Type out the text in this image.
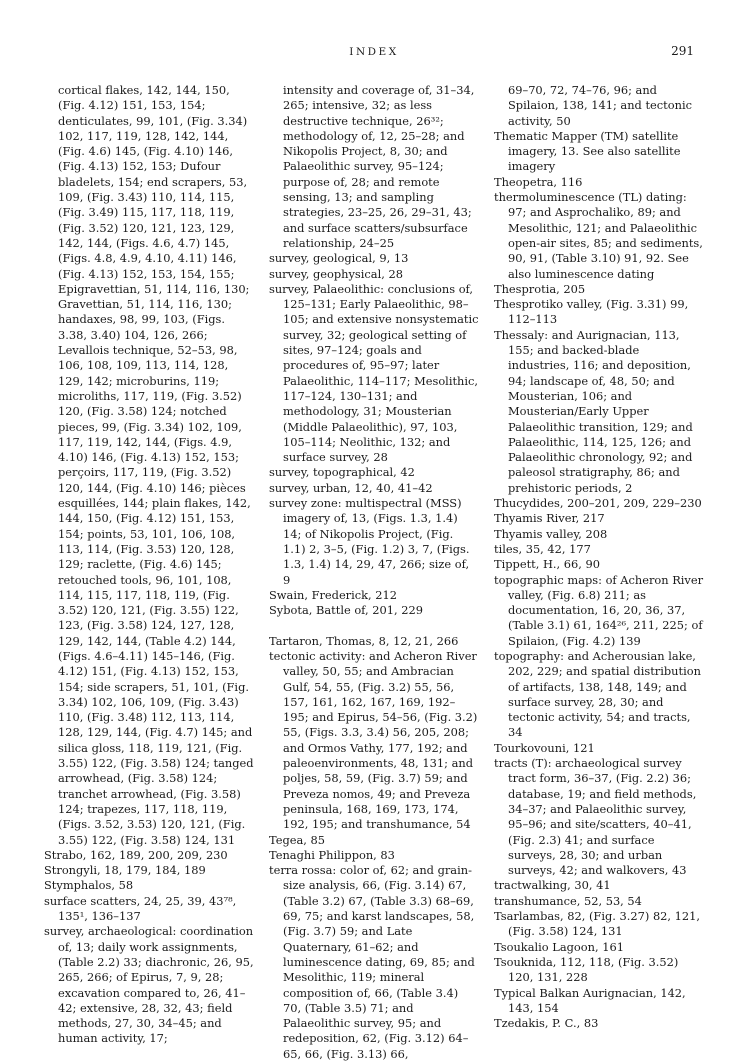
INDEX	291
cortical flakes, 142, 144, 150, (Fig. 4.12) 151, 153, 154; denticulates, 99, 101, (Fig. 3.34) 102, 117, 119, 128, 142, 144, (Fig. 4.6) 145, (Fig. 4.10) 146, (Fig. 4.13) 152, 153; Dufour bladelets, 154; end scrapers, 53, 109, (Fig. 3.43) 110, 114, 115, (Fig. 3.49) 115, 117, 118, 119, (Fig. 3.52) 120, 121, 123, 129, 142, 144, (Figs. 4.6, 4.7) 145, (Figs. 4.8, 4.9, 4.10, 4.11) 146, (Fig. 4.13) 152, 153, 154, 155; Epigravettian, 51, 114, 116, 130; Gravettian, 51, 114, 116, 130; handaxes, 98, 99, 103, (Figs. 3.38, 3.40) 104, 126, 266; Levallois technique, 52–53, 98, 106, 108, 109, 113, 114, 128, 129, 142; microburins, 119; microliths, 117, 119, (Fig. 3.52) 120, (Fig. 3.58) 124; notched pieces, 99, (Fig. 3.34) 102, 109, 117, 119, 142, 144, (Figs. 4.9, 4.10) 146, (Fig. 4.13) 152, 153; perçoirs, 117, 119, (Fig. 3.52) 120, 144, (Fig. 4.10) 146; pièces esquillées, 144; plain flakes, 142, 144, 150, (Fig. 4.12) 151, 153, 154; points, 53, 101, 106, 108, 113, 114, (Fig. 3.53) 120, 128, 129; raclette, (Fig. 4.6) 145; retouched tools, 96, 101, 108, 114, 115, 117, 118, 119, (Fig. 3.52) 120, 121, (Fig. 3.55) 122, 123, (Fig. 3.58) 124, 127, 128, 129, 142, 144, (Table 4.2) 144, (Figs. 4.6–4.11) 145–146, (Fig. 4.12) 151, (Fig. 4.13) 152, 153, 154; side scrapers, 51, 101, (Fig. 3.34) 102, 106, 109, (Fig. 3.43) 110, (Fig. 3.48) 112, 113, 114, 128, 129, 144, (Fig. 4.7) 145; and silica gloss, 118, 119, 121, (Fig. 3.55) 122, (Fig. 3.58) 124; tanged arrowhead, (Fig. 3.58) 124; tranchet arrowhead, (Fig. 3.58) 124; trapezes, 117, 118, 119, (Figs. 3.52, 3.53) 120, 121, (Fig. 3.55) 122, (Fig. 3.58) 124, 131
Strabo, 162, 189, 200, 209, 230
Strongyli, 18, 179, 184, 189
Stymphalos, 58
surface scatters, 24, 25, 39, 43⁷⁸, 135¹, 136–137
survey, archaeological: coordination of, 13; daily work assignments, (Table 2.2) 33; diachronic, 26, 95, 265, 266; of Epirus, 7, 9, 28; excavation compared to, 26, 41–42; extensive, 28, 32, 43; field methods, 27, 30, 34–45; and human activity, 17;
intensity and coverage of, 31–34, 265; intensive, 32; as less destructive technique, 26³²; methodology of, 12, 25–28; and Nikopolis Project, 8, 30; and Palaeolithic survey, 95–124; purpose of, 28; and remote sensing, 13; and sampling strategies, 23–25, 26, 29–31, 43; and surface scatters/subsurface relationship, 24–25
survey, geological, 9, 13
survey, geophysical, 28
survey, Palaeolithic: conclusions of, 125–131; Early Palaeolithic, 98–105; and extensive nonsystematic survey, 32; geological setting of sites, 97–124; goals and procedures of, 95–97; later Palaeolithic, 114–117; Mesolithic, 117–124, 130–131; and methodology, 31; Mousterian (Middle Palaeolithic), 97, 103, 105–114; Neolithic, 132; and surface survey, 28
survey, topographical, 42
survey, urban, 12, 40, 41–42
survey zone: multispectral (MSS) imagery of, 13, (Figs. 1.3, 1.4) 14; of Nikopolis Project, (Fig. 1.1) 2, 3–5, (Fig. 1.2) 3, 7, (Figs. 1.3, 1.4) 14, 29, 47, 266; size of, 9
Swain, Frederick, 212
Sybota, Battle of, 201, 229
Tartaron, Thomas, 8, 12, 21, 266
tectonic activity: and Acheron River valley, 50, 55; and Ambracian Gulf, 54, 55, (Fig. 3.2) 55, 56, 157, 161, 162, 167, 169, 192–195; and Epirus, 54–56, (Fig. 3.2) 55, (Figs. 3.3, 3.4) 56, 205, 208; and Ormos Vathy, 177, 192; and paleoenvironments, 48, 131; and poljes, 58, 59, (Fig. 3.7) 59; and Preveza nomos, 49; and Preveza peninsula, 168, 169, 173, 174, 192, 195; and transhumance, 54
Tegea, 85
Tenaghi Philippon, 83
terra rossa: color of, 62; and grain-size analysis, 66, (Fig. 3.14) 67, (Table 3.2) 67, (Table 3.3) 68–69, 69, 75; and karst landscapes, 58, (Fig. 3.7) 59; and Late Quaternary, 61–62; and luminescence dating, 69, 85; and Mesolithic, 119; mineral composition of, 66, (Table 3.4) 70, (Table 3.5) 71; and Palaeolithic survey, 95; and redeposition, 62, (Fig. 3.12) 64–65, 66, (Fig. 3.13) 66,
69–70, 72, 74–76, 96; and Spilaion, 138, 141; and tectonic activity, 50
Thematic Mapper (TM) satellite imagery, 13. See also satellite imagery
Theopetra, 116
thermoluminescence (TL) dating: 97; and Asprochaliko, 89; and Mesolithic, 121; and Palaeolithic open-air sites, 85; and sediments, 90, 91, (Table 3.10) 91, 92. See also luminescence dating
Thesprotia, 205
Thesprotiko valley, (Fig. 3.31) 99, 112–113
Thessaly: and Aurignacian, 113, 155; and backed-blade industries, 116; and deposition, 94; landscape of, 48, 50; and Mousterian, 106; and Mousterian/Early Upper Palaeolithic transition, 129; and Palaeolithic, 114, 125, 126; and Palaeolithic chronology, 92; and paleosol stratigraphy, 86; and prehistoric periods, 2
Thucydides, 200–201, 209, 229–230
Thyamis River, 217
Thyamis valley, 208
tiles, 35, 42, 177
Tippett, H., 66, 90
topographic maps: of Acheron River valley, (Fig. 6.8) 211; as documentation, 16, 20, 36, 37, (Table 3.1) 61, 164²⁶, 211, 225; of Spilaion, (Fig. 4.2) 139
topography: and Acherousian lake, 202, 229; and spatial distribution of artifacts, 138, 148, 149; and surface survey, 28, 30; and tectonic activity, 54; and tracts, 34
Tourkovouni, 121
tracts (T): archaeological survey tract form, 36–37, (Fig. 2.2) 36; database, 19; and field methods, 34–37; and Palaeolithic survey, 95–96; and site/scatters, 40–41, (Fig. 2.3) 41; and surface surveys, 28, 30; and urban surveys, 42; and walkovers, 43
tractwalking, 30, 41
transhumance, 52, 53, 54
Tsarlambas, 82, (Fig. 3.27) 82, 121, (Fig. 3.58) 124, 131
Tsoukalio Lagoon, 161
Tsouknida, 112, 118, (Fig. 3.52) 120, 131, 228
Typical Balkan Aurignacian, 142, 143, 154
Tzedakis, P. C., 83
